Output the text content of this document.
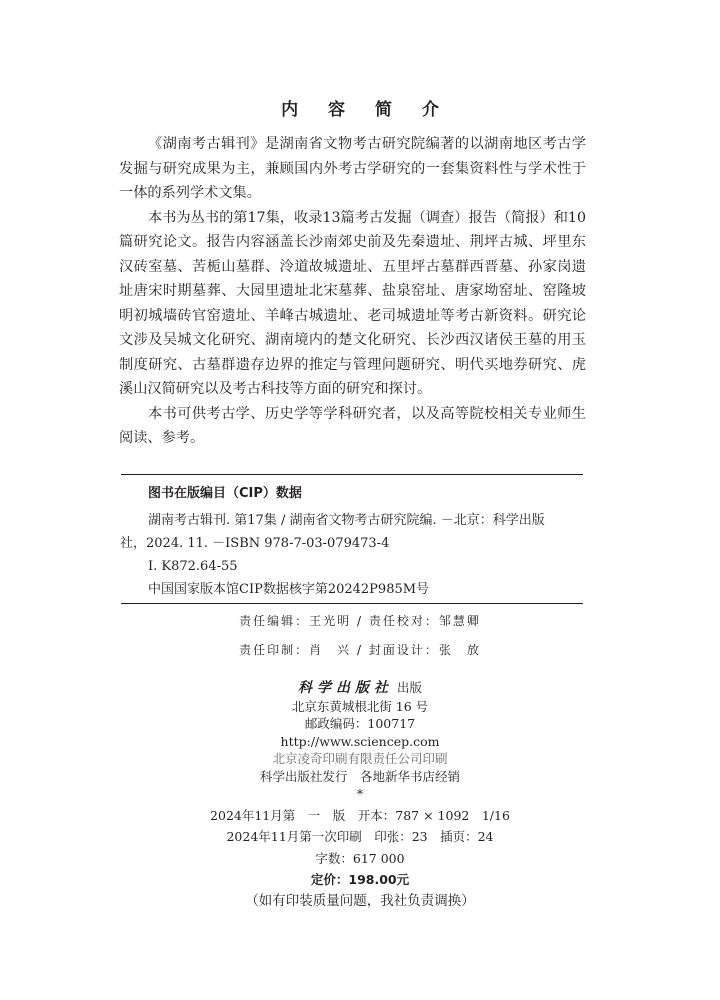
内 容 简 介

《湖南考古辑刊》是湖南省文物考古研究院编著的以湖南地区考古学发掘与研究成果为主，兼顾国内外考古学研究的一套集资料性与学术性于一体的系列学术文集。

本书为丛书的第17集，收录13篇考古发掘（调查）报告（简报）和10篇研究论文。报告内容涵盖长沙南郊史前及先秦遗址、荆坪古城、坪里东汉砖室墓、苦栀山墓群、泠道故城遗址、五里坪古墓群西晋墓、孙家岗遗址唐宋时期墓葬、大园里遗址北宋墓葬、盐泉窑址、唐家坳窑址、窑隆坡明初城墙砖官窑遗址、羊峰古城遗址、老司城遗址等考古新资料。研究论文涉及吴城文化研究、湖南境内的楚文化研究、长沙西汉诸侯王墓的用玉制度研究、古墓群遗存边界的推定与管理问题研究、明代买地券研究、虎溪山汉简研究以及考古科技等方面的研究和探讨。

本书可供考古学、历史学等学科研究者，以及高等院校相关专业师生阅读、参考。

图书在版编目（CIP）数据
湖南考古辑刊. 第17集 / 湖南省文物考古研究院编. －北京：科学出版
社，2024. 11. －ISBN 978-7-03-079473-4
Ⅰ. K872.64-55
中国国家版本馆CIP数据核字第20242P985M号
责任编辑：王光明 / 责任校对：邹慧卿
责任印制：肖　兴 / 封面设计：张　放
科学出版社 出版
北京东黄城根北街 16 号
邮政编码：100717
http://www.sciencep.com
北京凌奇印刷有限责任公司印刷
科学出版社发行　各地新华书店经销
*
2024年11月第　一　版　开本：787 × 1092　1/16
2024年11月第一次印刷　印张：23　插页：24
字数：617 000
定价：198.00元
（如有印装质量问题，我社负责调换）
